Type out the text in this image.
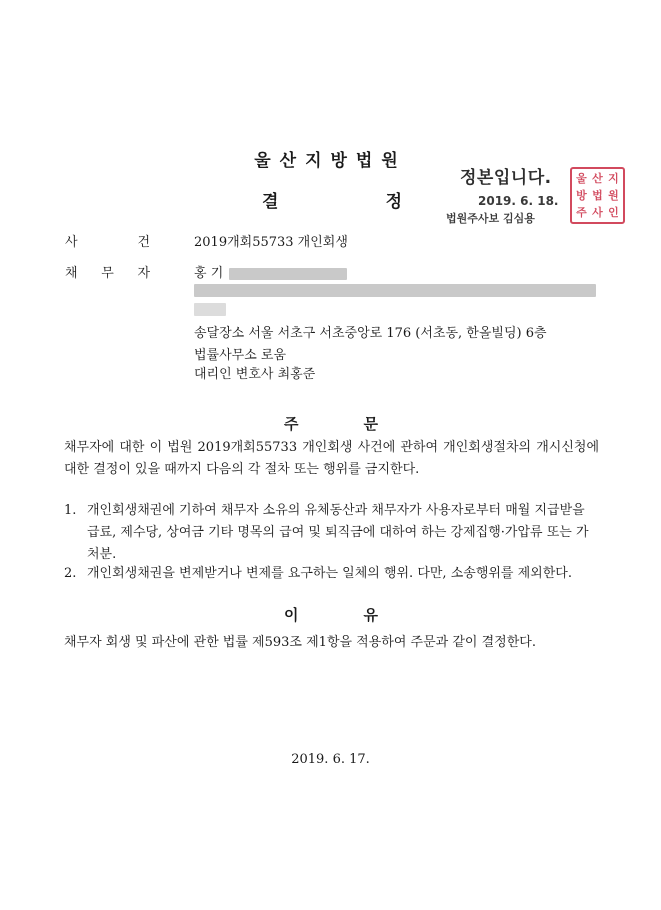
울산지방법원
결	정
정본입니다.
2019. 6. 18.
법원주사보 김심용
울 산 지
방 법 원
주 사 인
사	건	2019개회55733 개인회생
채 무 자	홍 기
송달장소 서울 서초구 서초중앙로 176 (서초동, 한올빌딩) 6층
법률사무소 로움
대리인 변호사 최홍준
주	문
채무자에 대한 이 법원 2019개회55733 개인회생 사건에 관하여 개인회생절차의 개시신청에 대한 결정이 있을 때까지 다음의 각 절차 또는 행위를 금지한다.
1. 개인회생채권에 기하여 채무자 소유의 유체동산과 채무자가 사용자로부터 매월 지급받을 급료, 제수당, 상여금 기타 명목의 급여 및 퇴직금에 대하여 하는 강제집행·가압류 또는 가처분.
2. 개인회생채권을 변제받거나 변제를 요구하는 일체의 행위. 다만, 소송행위를 제외한다.
이	유
채무자 회생 및 파산에 관한 법률 제593조 제1항을 적용하여 주문과 같이 결정한다.
2019. 6. 17.
